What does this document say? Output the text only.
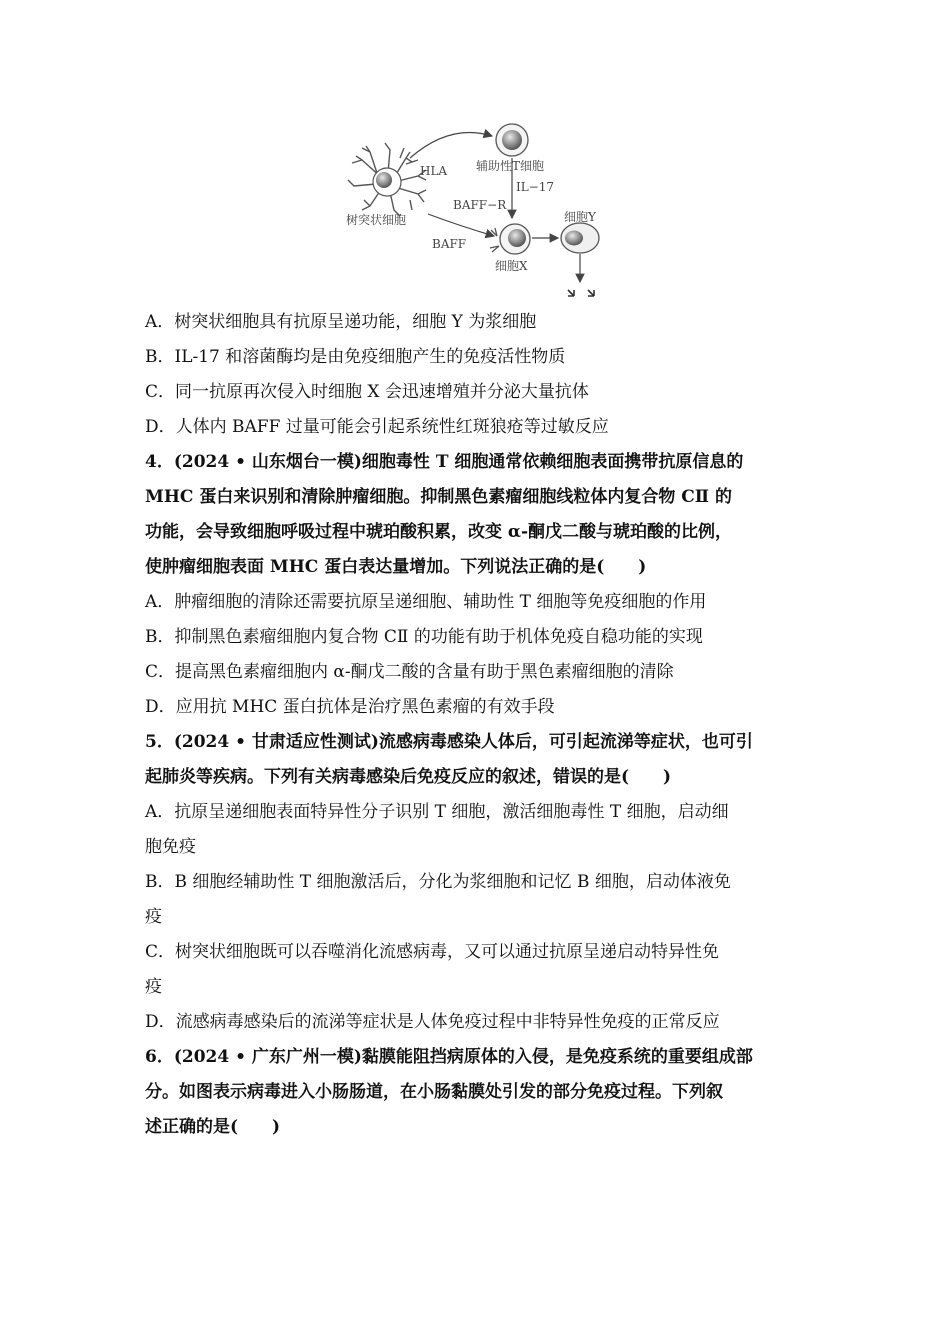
辅助性T细胞
HLA
IL−17
BAFF−R
树突状细胞
BAFF
细胞X
细胞Y
A．树突状细胞具有抗原呈递功能，细胞 Y 为浆细胞
B．IL-17 和溶菌酶均是由免疫细胞产生的免疫活性物质
C．同一抗原再次侵入时细胞 X 会迅速增殖并分泌大量抗体
D．人体内 BAFF 过量可能会引起系统性红斑狼疮等过敏反应
4．(2024 • 山东烟台一模)细胞毒性 T 细胞通常依赖细胞表面携带抗原信息的
MHC 蛋白来识别和清除肿瘤细胞。抑制黑色素瘤细胞线粒体内复合物 CⅡ 的
功能，会导致细胞呼吸过程中琥珀酸积累，改变 α-酮戊二酸与琥珀酸的比例，
使肿瘤细胞表面 MHC 蛋白表达量增加。下列说法正确的是(　　)
A．肿瘤细胞的清除还需要抗原呈递细胞、辅助性 T 细胞等免疫细胞的作用
B．抑制黑色素瘤细胞内复合物 CⅡ 的功能有助于机体免疫自稳功能的实现
C．提高黑色素瘤细胞内 α-酮戊二酸的含量有助于黑色素瘤细胞的清除
D．应用抗 MHC 蛋白抗体是治疗黑色素瘤的有效手段
5．(2024 • 甘肃适应性测试)流感病毒感染人体后，可引起流涕等症状，也可引
起肺炎等疾病。下列有关病毒感染后免疫反应的叙述，错误的是(　　)
A．抗原呈递细胞表面特异性分子识别 T 细胞，激活细胞毒性 T 细胞，启动细
胞免疫
B．B 细胞经辅助性 T 细胞激活后，分化为浆细胞和记忆 B 细胞，启动体液免
疫
C．树突状细胞既可以吞噬消化流感病毒，又可以通过抗原呈递启动特异性免
疫
D．流感病毒感染后的流涕等症状是人体免疫过程中非特异性免疫的正常反应
6．(2024 • 广东广州一模)黏膜能阻挡病原体的入侵，是免疫系统的重要组成部
分。如图表示病毒进入小肠肠道，在小肠黏膜处引发的部分免疫过程。下列叙
述正确的是(　　)
